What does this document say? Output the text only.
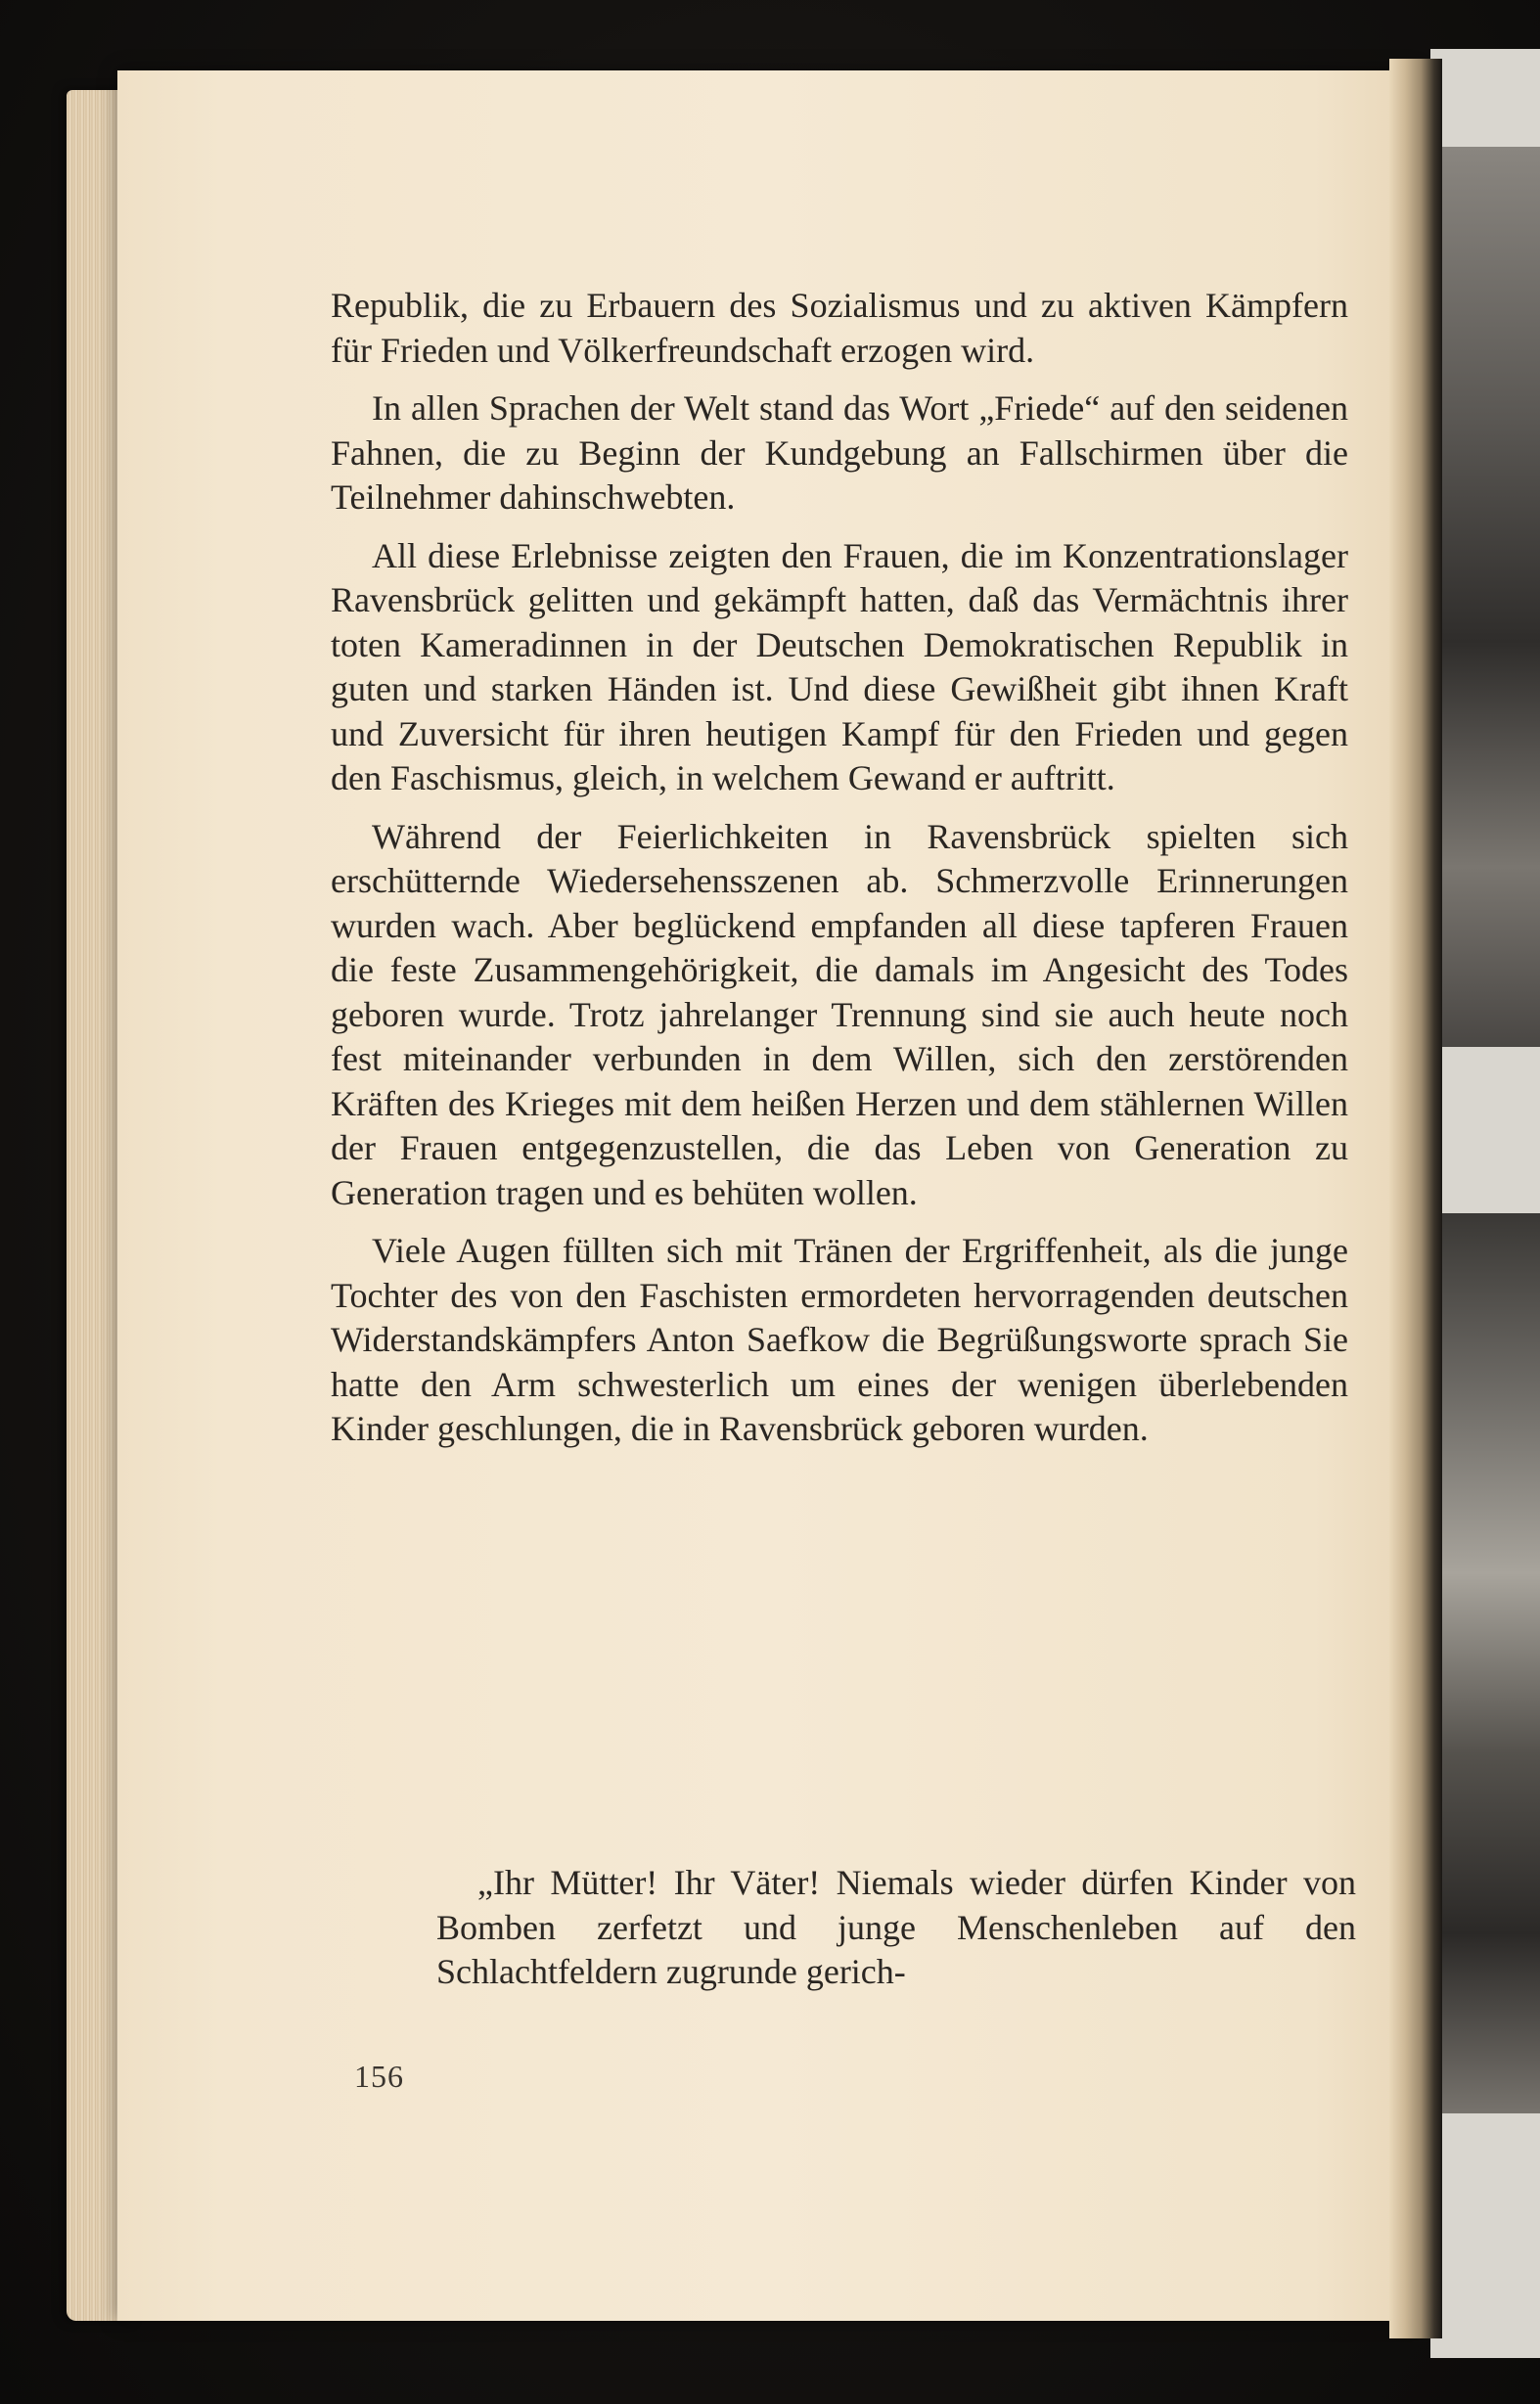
Republik, die zu Erbauern des Sozialismus und zu aktiven Kämpfern für Frieden und Völkerfreundschaft erzogen wird.

In allen Sprachen der Welt stand das Wort „Friede“ auf den seidenen Fahnen, die zu Beginn der Kundgebung an Fallschirmen über die Teilnehmer dahinschwebten.

All diese Erlebnisse zeigten den Frauen, die im Konzentrationslager Ravensbrück gelitten und gekämpft hatten, daß das Vermächtnis ihrer toten Kameradinnen in der Deutschen Demokratischen Republik in guten und starken Händen ist. Und diese Gewißheit gibt ihnen Kraft und Zuversicht für ihren heutigen Kampf für den Frieden und gegen den Faschismus, gleich, in welchem Gewand er auftritt.

Während der Feierlichkeiten in Ravensbrück spielten sich erschütternde Wiedersehensszenen ab. Schmerzvolle Erinnerungen wurden wach. Aber beglückend empfanden all diese tapferen Frauen die feste Zusammengehörigkeit, die damals im Angesicht des Todes geboren wurde. Trotz jahrelanger Trennung sind sie auch heute noch fest miteinander verbunden in dem Willen, sich den zerstörenden Kräften des Krieges mit dem heißen Herzen und dem stählernen Willen der Frauen entgegenzustellen, die das Leben von Generation zu Generation tragen und es behüten wollen.

Viele Augen füllten sich mit Tränen der Ergriffenheit, als die junge Tochter des von den Faschisten ermordeten hervorragenden deutschen Widerstandskämpfers Anton Saefkow die Begrüßungsworte sprach Sie hatte den Arm schwesterlich um eines der wenigen überlebenden Kinder geschlungen, die in Ravensbrück geboren wurden.

„Ihr Mütter! Ihr Väter! Niemals wieder dürfen Kinder von Bomben zerfetzt und junge Menschenleben auf den Schlachtfeldern zugrunde gerich-

156
